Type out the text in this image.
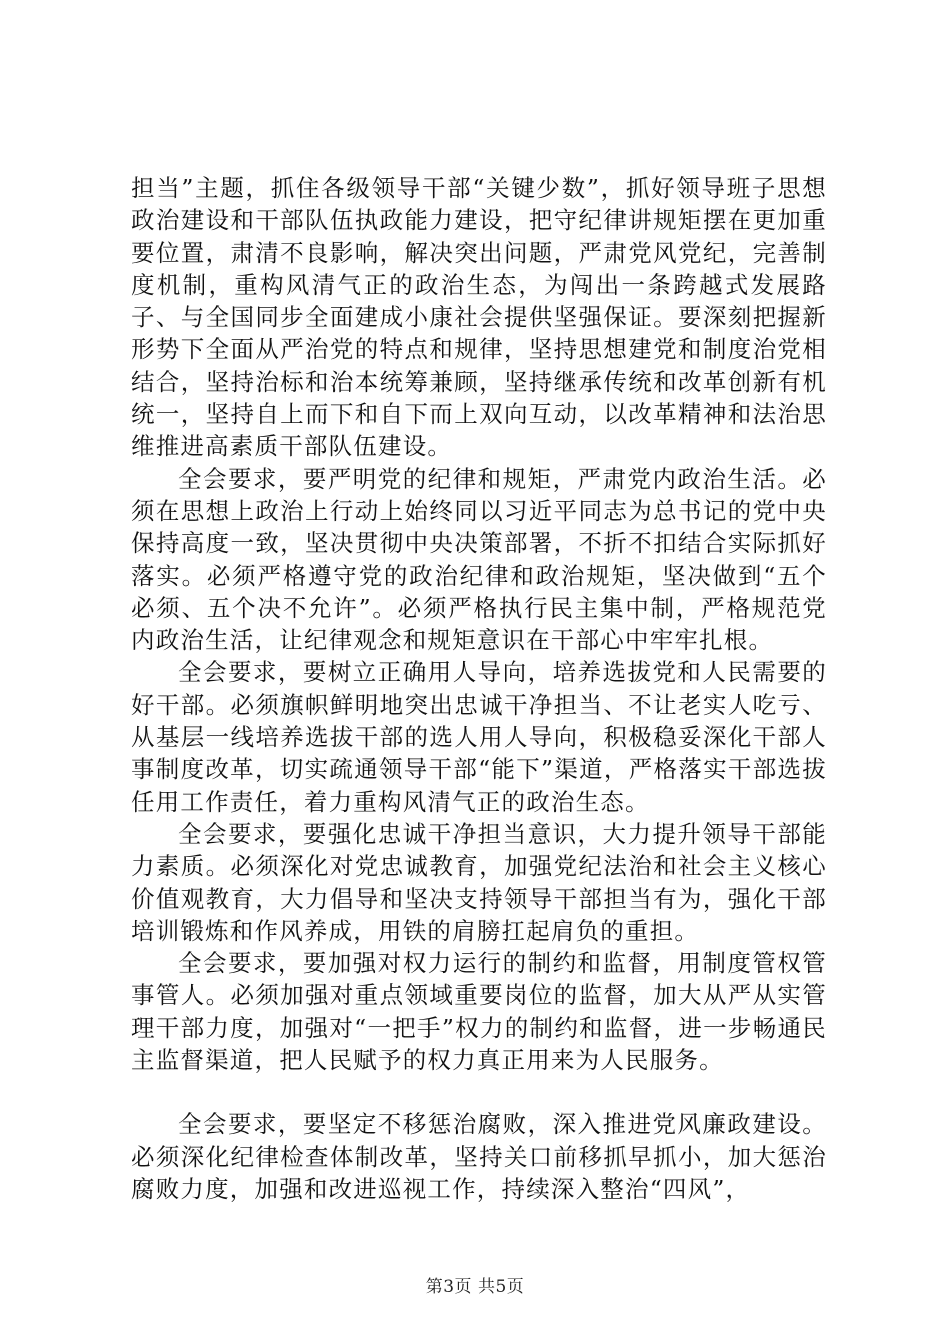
担当”主题，抓住各级领导干部“关键少数”，抓好领导班子思想政治建设和干部队伍执政能力建设，把守纪律讲规矩摆在更加重要位置，肃清不良影响，解决突出问题，严肃党风党纪，完善制度机制，重构风清气正的政治生态，为闯出一条跨越式发展路子、与全国同步全面建成小康社会提供坚强保证。要深刻把握新形势下全面从严治党的特点和规律，坚持思想建党和制度治党相结合，坚持治标和治本统筹兼顾，坚持继承传统和改革创新有机统一，坚持自上而下和自下而上双向互动，以改革精神和法治思维推进高素质干部队伍建设。

全会要求，要严明党的纪律和规矩，严肃党内政治生活。必须在思想上政治上行动上始终同以习近平同志为总书记的党中央保持高度一致，坚决贯彻中央决策部署，不折不扣结合实际抓好落实。必须严格遵守党的政治纪律和政治规矩，坚决做到“五个必须、五个决不允许”。必须严格执行民主集中制，严格规范党内政治生活，让纪律观念和规矩意识在干部心中牢牢扎根。

全会要求，要树立正确用人导向，培养选拔党和人民需要的好干部。必须旗帜鲜明地突出忠诚干净担当、不让老实人吃亏、从基层一线培养选拔干部的选人用人导向，积极稳妥深化干部人事制度改革，切实疏通领导干部“能下”渠道，严格落实干部选拔任用工作责任，着力重构风清气正的政治生态。

全会要求，要强化忠诚干净担当意识，大力提升领导干部能力素质。必须深化对党忠诚教育，加强党纪法治和社会主义核心价值观教育，大力倡导和坚决支持领导干部担当有为，强化干部培训锻炼和作风养成，用铁的肩膀扛起肩负的重担。

全会要求，要加强对权力运行的制约和监督，用制度管权管事管人。必须加强对重点领域重要岗位的监督，加大从严从实管理干部力度，加强对“一把手”权力的制约和监督，进一步畅通民主监督渠道，把人民赋予的权力真正用来为人民服务。

全会要求，要坚定不移惩治腐败，深入推进党风廉政建设。必须深化纪律检查体制改革，坚持关口前移抓早抓小，加大惩治腐败力度，加强和改进巡视工作，持续深入整治“四风”，

第3页 共5页
